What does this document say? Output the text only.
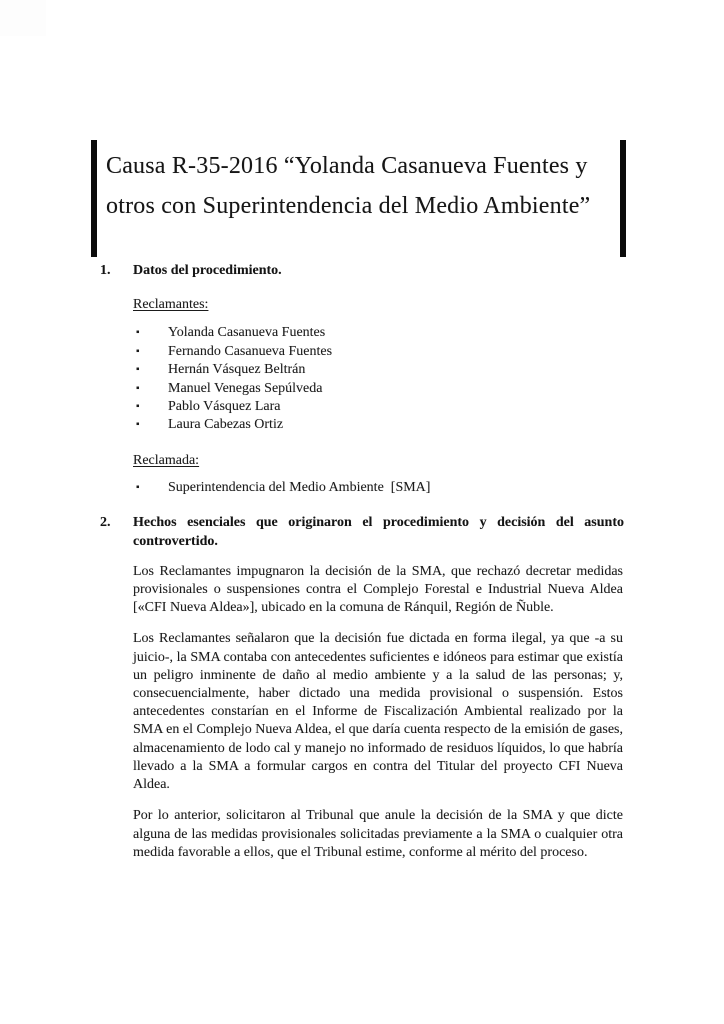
Causa R-35-2016 “Yolanda Casanueva Fuentes y
otros con Superintendencia del Medio Ambiente”
1.	Datos del procedimiento.
Reclamantes:
▪	Yolanda Casanueva Fuentes
▪	Fernando Casanueva Fuentes
▪	Hernán Vásquez Beltrán
▪	Manuel Venegas Sepúlveda
▪	Pablo Vásquez Lara
▪	Laura Cabezas Ortiz
Reclamada:
▪	Superintendencia del Medio Ambiente  [SMA]
2.	Hechos esenciales que originaron el procedimiento y decisión del asunto controvertido.

Los Reclamantes impugnaron la decisión de la SMA, que rechazó decretar medidas provisionales o suspensiones contra el Complejo Forestal e Industrial Nueva Aldea [«CFI Nueva Aldea»], ubicado en la comuna de Ránquil, Región de Ñuble.

Los Reclamantes señalaron que la decisión fue dictada en forma ilegal, ya que -a su juicio-, la SMA contaba con antecedentes suficientes e idóneos para estimar que existía un peligro inminente de daño al medio ambiente y a la salud de las personas; y, consecuencialmente, haber dictado una medida provisional o suspensión. Estos antecedentes constarían en el Informe de Fiscalización Ambiental realizado por la SMA en el Complejo Nueva Aldea, el que daría cuenta respecto de la emisión de gases, almacenamiento de lodo cal y manejo no informado de residuos líquidos, lo que habría llevado a la SMA a formular cargos en contra del Titular del proyecto CFI Nueva Aldea.

Por lo anterior, solicitaron al Tribunal que anule la decisión de la SMA y que dicte alguna de las medidas provisionales solicitadas previamente a la SMA o cualquier otra medida favorable a ellos, que el Tribunal estime, conforme al mérito del proceso.
